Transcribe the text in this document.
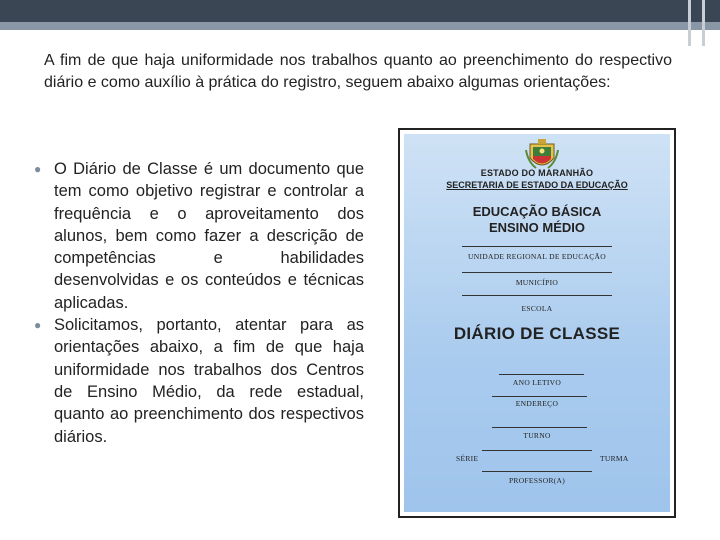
A fim de que haja uniformidade nos trabalhos quanto ao preenchimento do respectivo diário e como auxílio à prática do registro, seguem abaixo algumas orientações:

● O Diário de Classe é um documento que tem como objetivo registrar e controlar a frequência e o aproveitamento dos alunos, bem como fazer a descrição de competências e habilidades desenvolvidas e os conteúdos e técnicas aplicadas.
● Solicitamos, portanto, atentar para as orientações abaixo, a fim de que haja uniformidade nos trabalhos dos Centros de Ensino Médio, da rede estadual, quanto ao preenchimento dos respectivos diários.
ESTADO DO MARANHÃO
SECRETARIA DE ESTADO DA EDUCAÇÃO
EDUCAÇÃO BÁSICA
ENSINO MÉDIO
UNIDADE REGIONAL DE EDUCAÇÃO
MUNICÍPIO
ESCOLA
DIÁRIO DE CLASSE
ANO LETIVO
ENDEREÇO
TURNO
SÉRIE	TURMA
PROFESSOR(A)
